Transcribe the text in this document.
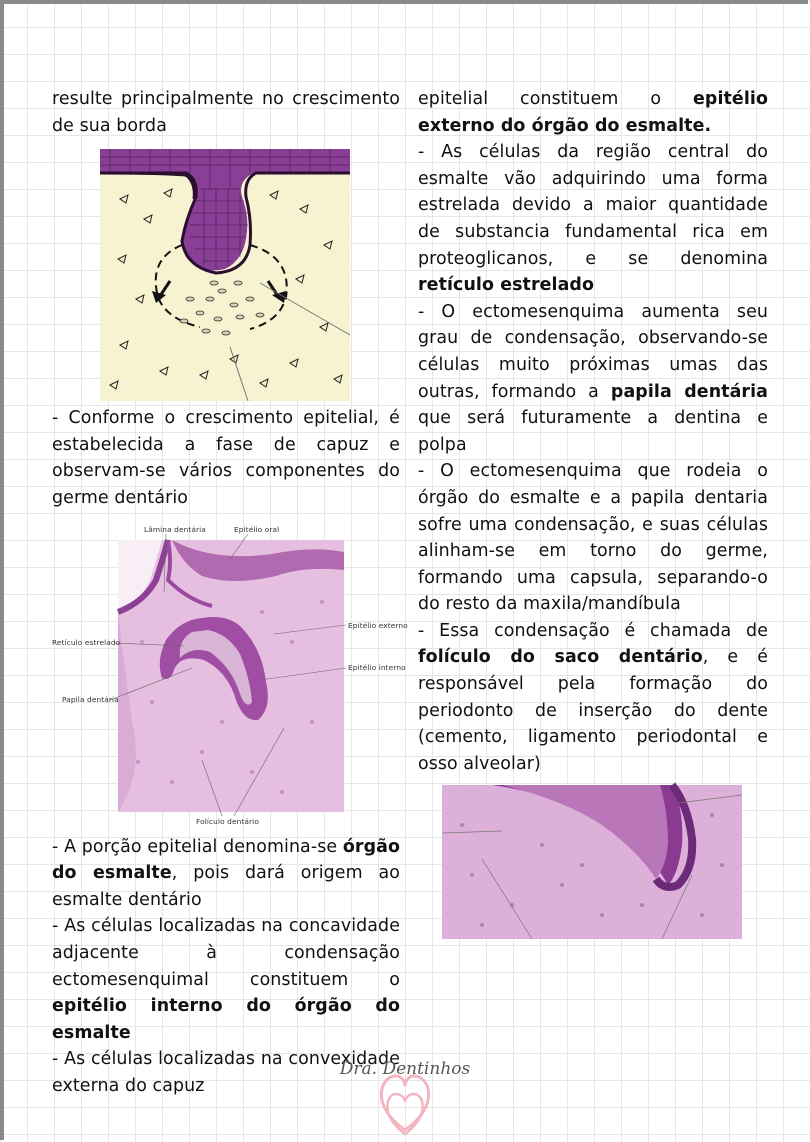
resulte principalmente no crescimento de sua borda

- Conforme o crescimento epitelial, é estabelecida a fase de capuz e observam-se vários componentes do germe dentário

Lâmina dentária	Epitélio oral
Retículo estrelado
Epitélio externo
Epitélio interno
Papila dentária
Folículo dentário

- A porção epitelial denomina-se órgão do esmalte, pois dará origem ao esmalte dentário

- As células localizadas na concavidade adjacente à condensação ectomesenquimal constituem o epitélio interno do órgão do esmalte

- As células localizadas na convexidade externa do capuz

epitelial constituem o epitélio externo do órgão do esmalte.

- As células da região central do esmalte vão adquirindo uma forma estrelada devido a maior quantidade de substancia fundamental rica em proteoglicanos, e se denomina retículo estrelado

- O ectomesenquima aumenta seu grau de condensação, observando-se células muito próximas umas das outras, formando a papila dentária que será futuramente a dentina e polpa

- O ectomesenquima que rodeia o órgão do esmalte e a papila dentaria sofre uma condensação, e suas células alinham-se em torno do germe, formando uma capsula, separando-o do resto da maxila/mandíbula

- Essa condensação é chamada de folículo do saco dentário, e é responsável pela formação do periodonto de inserção do dente (cemento, ligamento periodontal e osso alveolar)

Dra. Dentinhos
